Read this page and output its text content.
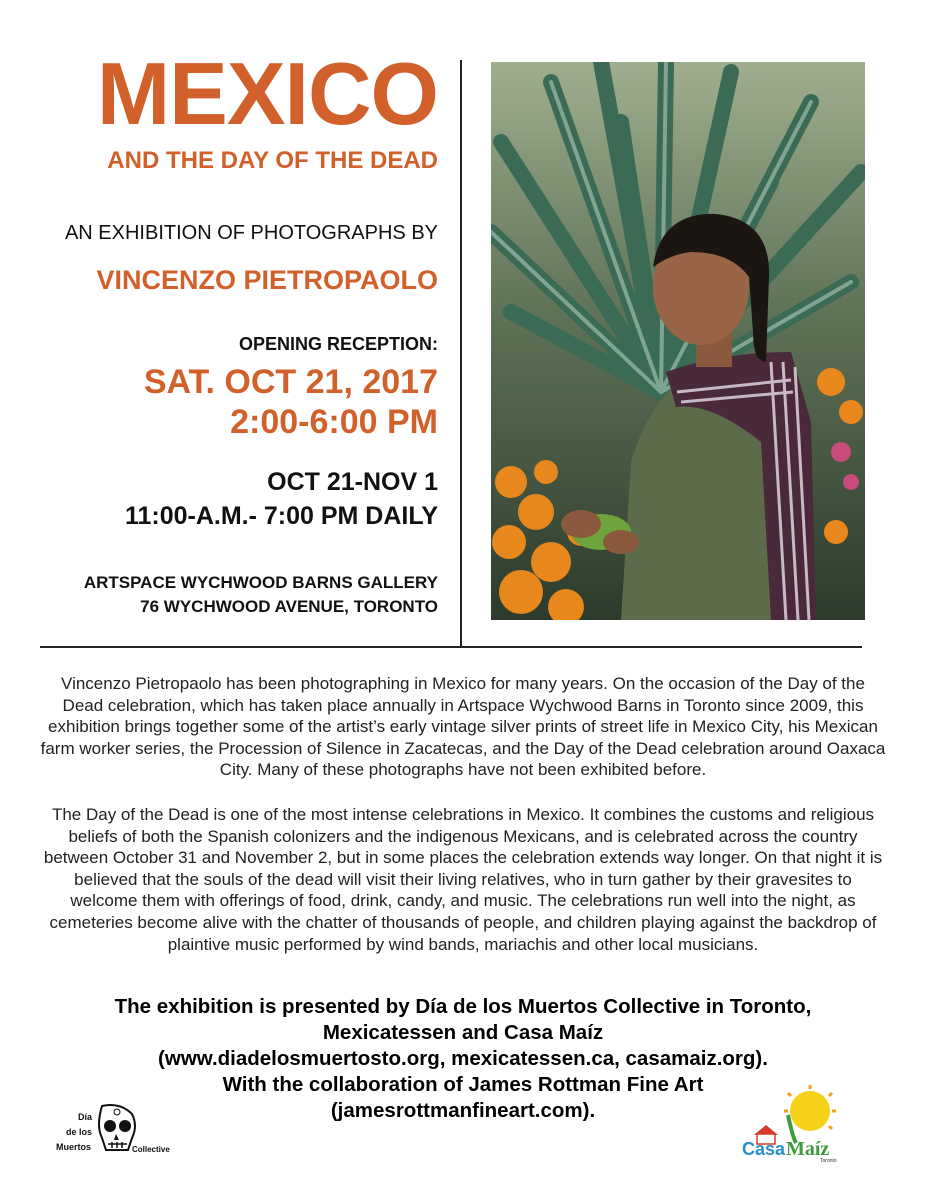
MEXICO
AND THE DAY OF THE DEAD
AN EXHIBITION OF PHOTOGRAPHS BY
VINCENZO PIETROPAOLO
OPENING RECEPTION:
SAT. OCT 21, 2017
2:00-6:00 PM
OCT 21-NOV 1
11:00-A.M.- 7:00 PM DAILY
ARTSPACE WYCHWOOD BARNS GALLERY
76 WYCHWOOD AVENUE, TORONTO
Vincenzo Pietropaolo has been photographing in Mexico for many years. On the occasion of the Day of the Dead celebration, which has taken place annually in Artspace Wychwood Barns in Toronto since 2009, this exhibition brings together some of the artist’s early vintage silver prints of street life in Mexico City, his Mexican farm worker series, the Procession of Silence in Zacatecas, and the Day of the Dead celebration around Oaxaca City. Many of these photographs have not been exhibited before.
The Day of the Dead is one of the most intense celebrations in Mexico. It combines the customs and religious beliefs of both the Spanish colonizers and the indigenous Mexicans, and is celebrated across the country between October 31 and November 2, but in some places the celebration extends way longer. On that night it is believed that the souls of the dead will visit their living relatives, who in turn gather by their gravesites to welcome them with offerings of food, drink, candy, and music. The celebrations run well into the night, as cemeteries become alive with the chatter of thousands of people, and children playing against the backdrop of plaintive music performed by wind bands, mariachis and other local musicians.
The exhibition is presented by Día de los Muertos Collective in Toronto,
Mexicatessen and Casa Maíz
(www.diadelosmuertosto.org, mexicatessen.ca, casamaiz.org).
With the collaboration of James Rottman Fine Art
(jamesrottmanfineart.com).
Día
de los
Muertos	Collective	Casa Maíz
Toronto
